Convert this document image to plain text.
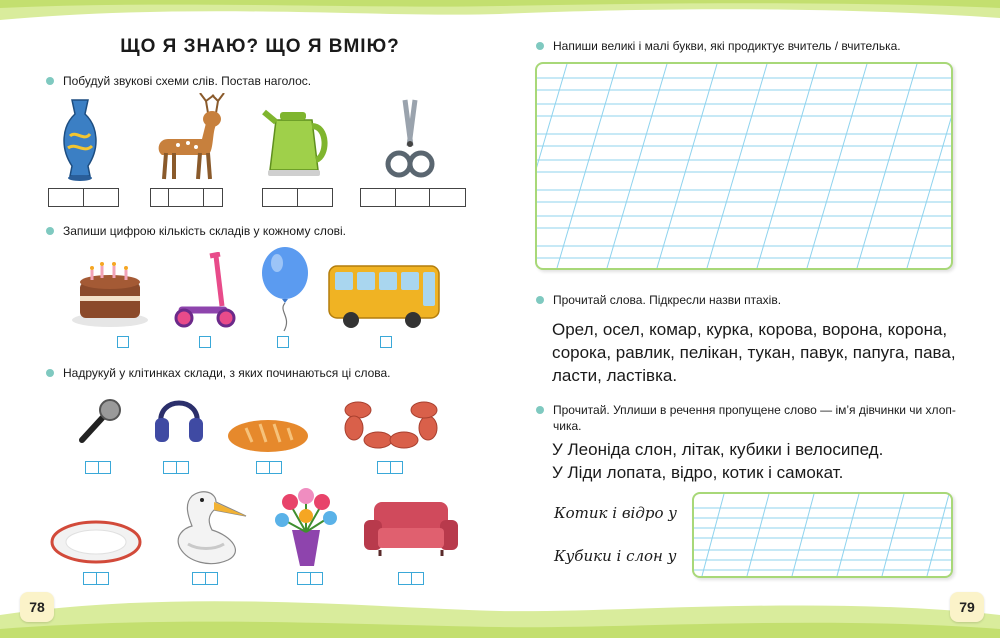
ЩО Я ЗНАЮ? ЩО Я ВМІЮ?
Побудуй звукові схеми слів. Постав наголос.
Запиши цифрою кількість складів у кожному слові.
Надрукуй у клітинках склади, з яких починаються ці слова.
78
Напиши великі і малі букви, які продиктує вчитель / вчителька.
Прочитай слова. Підкресли назви птахів.
Орел, осел, комар, курка, корова, ворона, корона, сорока, равлик, пелікан, тукан, павук, папуга, пава, ласти, ластівка.
Прочитай. Уплиши в речення пропущене слово — ім’я дівчинки чи хлоп-чика.
У Леоніда слон, літак, кубики і велосипед.
У Ліди лопата, відро, котик і самокат.
Котик і відро у
Кубики і слон у
79
